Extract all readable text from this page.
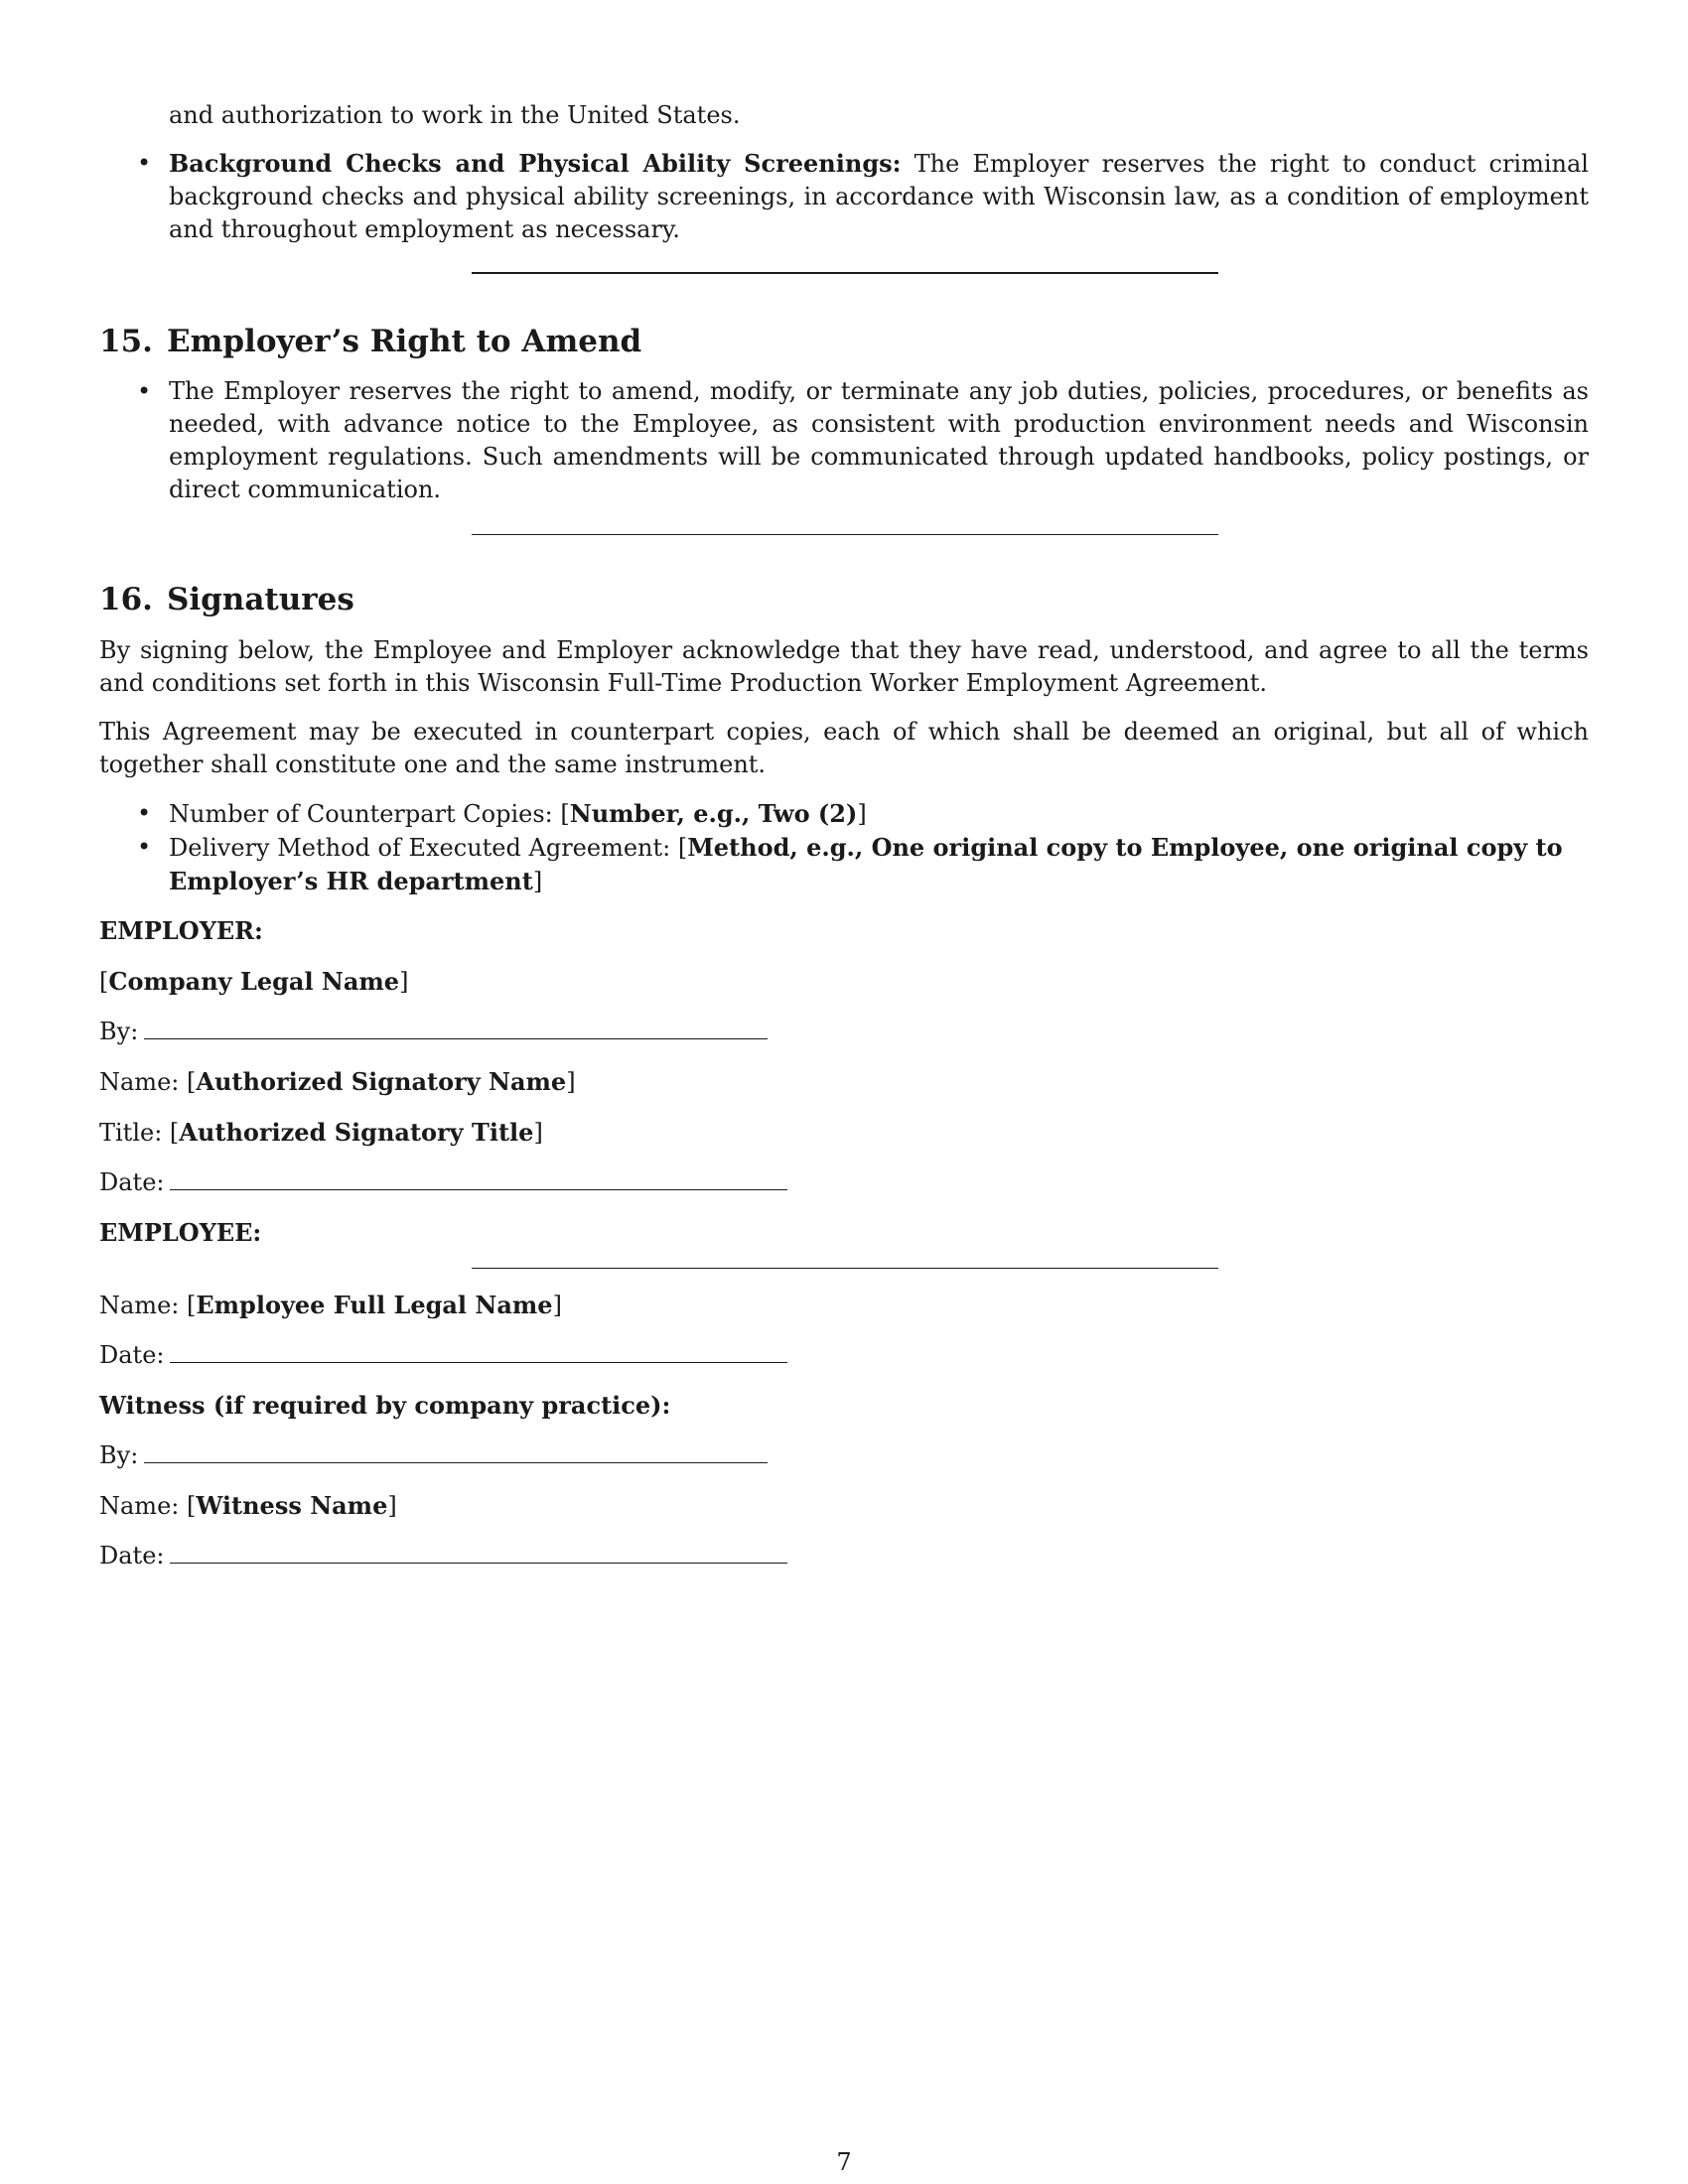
and authorization to work in the United States.

• Background Checks and Physical Ability Screenings: The Employer reserves the right to conduct criminal background checks and physical ability screenings, in accordance with Wisconsin law, as a condition of employment and throughout employment as necessary.
15. Employer’s Right to Amend
• The Employer reserves the right to amend, modify, or terminate any job duties, policies, procedures, or benefits as needed, with advance notice to the Employee, as consistent with production environment needs and Wisconsin employment regulations. Such amendments will be communicated through updated handbooks, policy postings, or direct communication.
16. Signatures

By signing below, the Employee and Employer acknowledge that they have read, understood, and agree to all the terms and conditions set forth in this Wisconsin Full-Time Production Worker Employment Agreement.

This Agreement may be executed in counterpart copies, each of which shall be deemed an original, but all of which together shall constitute one and the same instrument.

• Number of Counterpart Copies: [Number, e.g., Two (2)]
• Delivery Method of Executed Agreement: [Method, e.g., One original copy to Employee, one original copy to Employer’s HR department]
EMPLOYER:
[Company Legal Name]
By:
Name: [Authorized Signatory Name]
Title: [Authorized Signatory Title]
Date:
EMPLOYEE:
Name: [Employee Full Legal Name]
Date:
Witness (if required by company practice):
By:
Name: [Witness Name]
Date:
7
